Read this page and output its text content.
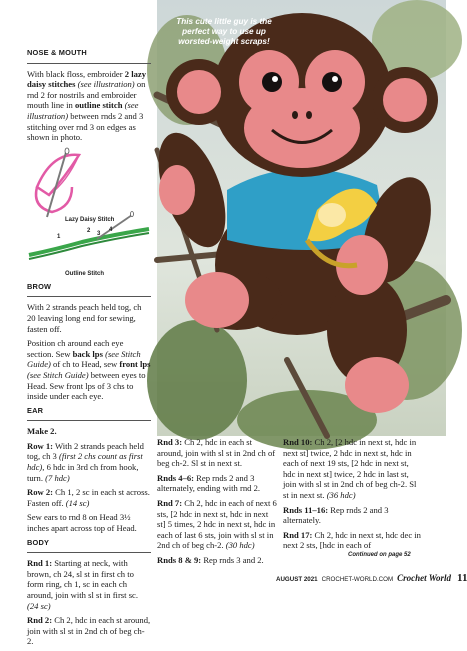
This cute little guy is the
perfect way to use up
worsted-weight scraps!
NOSE & MOUTH

With black floss, embroider 2 lazy daisy stitches (see illustration) on rnd 2 for nostrils and embroider mouth line in outline stitch (see illustration) between rnds 2 and 3 stitching over rnd 3 on edges as shown in photo.

Lazy Daisy Stitch
1
2 3
4
Outline Stitch
BROW

With 2 strands peach held tog, ch 20 leaving long end for sewing, fasten off.

Position ch around each eye section. Sew back lps (see Stitch Guide) of ch to Head, sew front lps (see Stitch Guide) between eyes to Head. Sew front lps of 3 chs to inside under each eye.

EAR

Make 2.

Row 1: With 2 strands peach held tog, ch 3 (first 2 chs count as first hdc), 6 hdc in 3rd ch from hook, turn. (7 hdc)

Row 2: Ch 1, 2 sc in each st across. Fasten off. (14 sc)

Sew ears to rnd 8 on Head 3½ inches apart across top of Head.

BODY

Rnd 1: Starting at neck, with brown, ch 24, sl st in first ch to form ring, ch 1, sc in each ch around, join with sl st in first sc. (24 sc)

Rnd 2: Ch 2, hdc in each st around, join with sl st in 2nd ch of beg ch-2.

Rnd 3: Ch 2, hdc in each st around, join with sl st in 2nd ch of beg ch-2. Sl st in next st.

Rnds 4–6: Rep rnds 2 and 3 alternately, ending with rnd 2.

Rnd 7: Ch 2, hdc in each of next 6 sts, [2 hdc in next st, hdc in next st] 5 times, 2 hdc in next st, hdc in each of last 6 sts, join with sl st in 2nd ch of beg ch-2. (30 hdc)

Rnds 8 & 9: Rep rnds 3 and 2.

Rnd 10: Ch 2, [2 hdc in next st, hdc in next st] twice, 2 hdc in next st, hdc in each of next 19 sts, [2 hdc in next st, hdc in next st] twice, 2 hdc in last st, join with sl st in 2nd ch of beg ch-2. Sl st in next st. (36 hdc)

Rnds 11–16: Rep rnds 2 and 3 alternately.

Rnd 17: Ch 2, hdc in next st, hdc dec in next 2 sts, [hdc in each of

Continued on page 52
AUGUST 2021 CROCHET-WORLD.COM Crochet World 11
